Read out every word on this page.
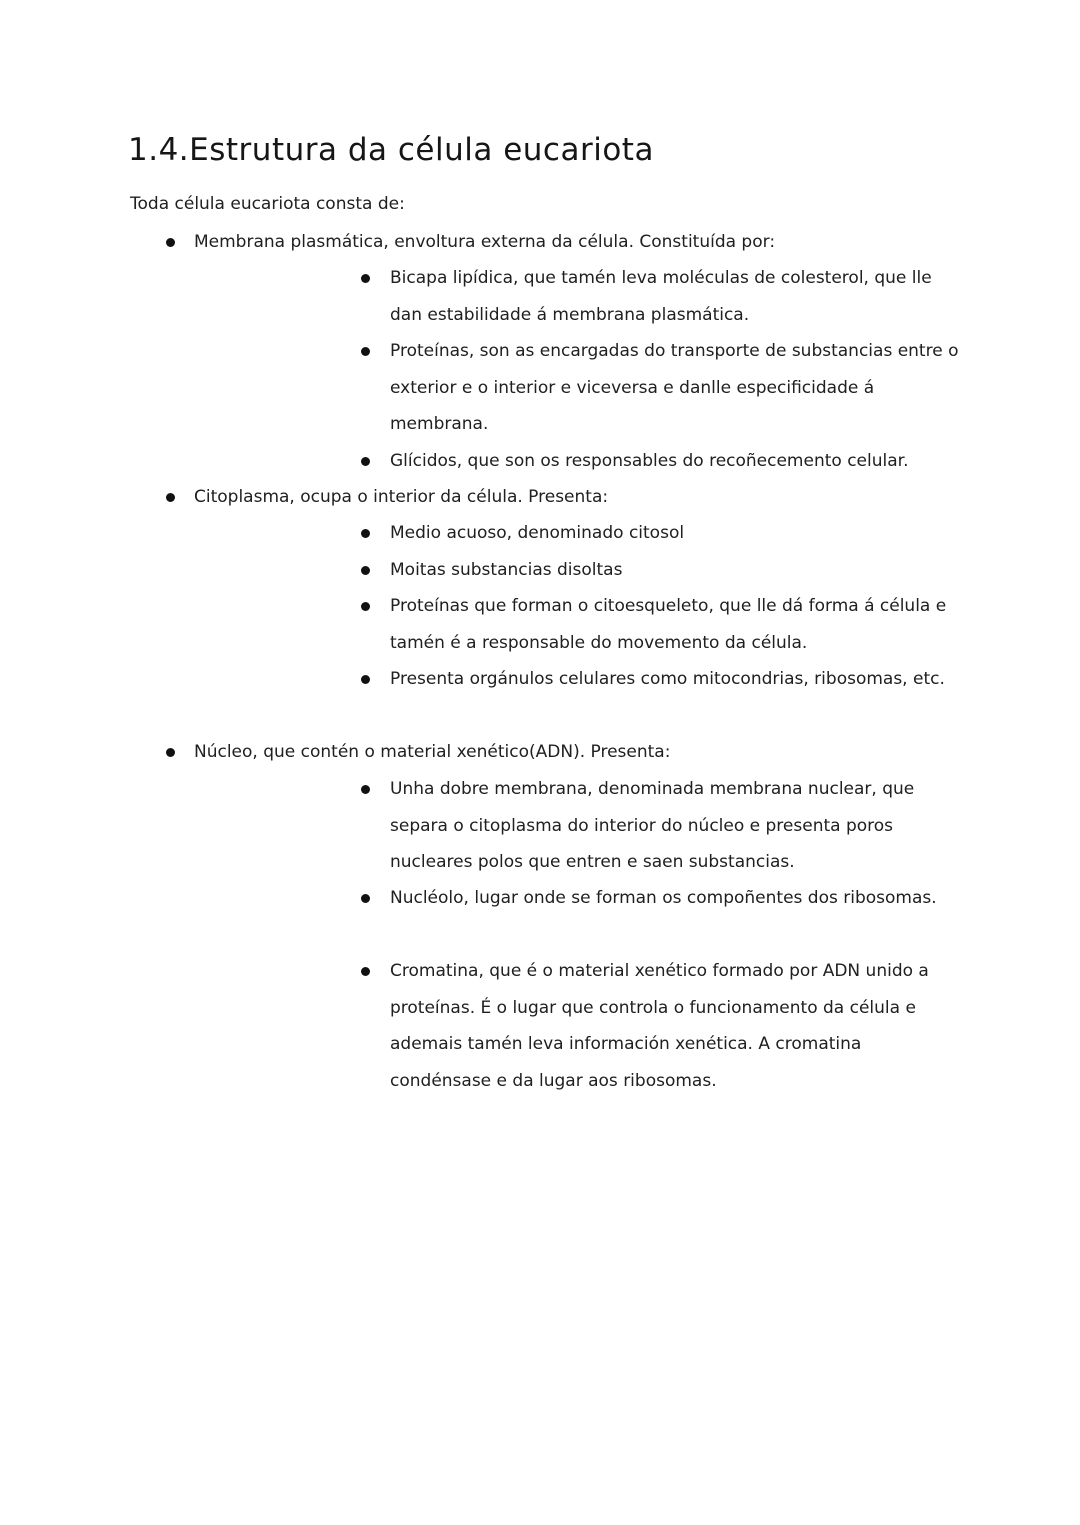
1.4.Estrutura da célula eucariota

Toda célula eucariota consta de:

Membrana plasmática, envoltura externa da célula. Constituída por:
Bicapa lipídica, que tamén leva moléculas de colesterol, que lle dan estabilidade á membrana plasmática.
Proteínas, son as encargadas do transporte de substancias entre o exterior e o interior e viceversa e danlle especificidade á membrana.
Glícidos, que son os responsables do recoñecemento celular.
Citoplasma, ocupa o interior da célula. Presenta:
Medio acuoso, denominado citosol
Moitas substancias disoltas
Proteínas que forman o citoesqueleto, que lle dá forma á célula e tamén é a responsable do movemento da célula.
Presenta orgánulos celulares como mitocondrias, ribosomas, etc.
Núcleo, que contén o material xenético(ADN). Presenta:
Unha dobre membrana, denominada membrana nuclear, que separa o citoplasma do interior do núcleo e presenta poros nucleares polos que entren e saen substancias.
Nucléolo, lugar onde se forman os compoñentes dos ribosomas.
Cromatina, que é o material xenético formado por ADN unido a proteínas. É o lugar que controla o funcionamento da célula e ademais tamén leva información xenética. A cromatina condénsase e da lugar aos ribosomas.
